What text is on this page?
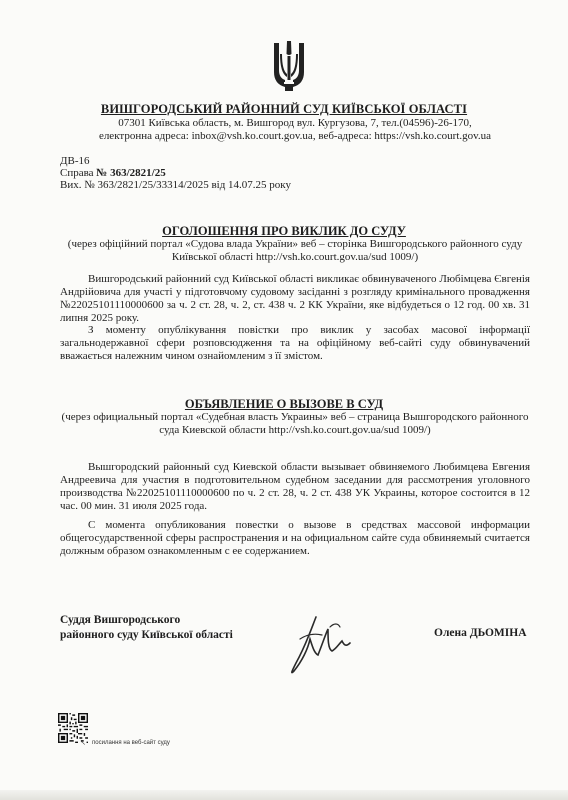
ВИШГОРОДСЬКИЙ РАЙОННИЙ СУД КИЇВСЬКОЇ ОБЛАСТІ
07301 Київська область, м. Вишгород вул. Кургузова, 7, тел.(04596)-26-170,
електронна адреса: inbox@vsh.ko.court.gov.ua, веб-адреса: https://vsh.ko.court.gov.ua
ДВ-16
Справа № 363/2821/25
Вих. № 363/2821/25/33314/2025 від 14.07.25 року
ОГОЛОШЕННЯ ПРО ВИКЛИК ДО СУДУ
(через офіційний портал «Судова влада України» веб – сторінка Вишгородського районного суду Київської області http://vsh.ko.court.gov.ua/sud 1009/)
Вишгородський районний суд Київської області викликає обвинуваченого Любімцева Євгенія Андрійовича для участі у підготовчому судовому засіданні з розгляду кримінального провадження №22025101110000600 за ч. 2 ст. 28, ч. 2, ст. 438 ч. 2 КК України, яке відбудеться о 12 год. 00 хв. 31 липня 2025 року.
З моменту опублікування повістки про виклик у засобах масової інформації загальнодержавної сфери розповсюдження та на офіційному веб-сайті суду обвинувачений вважається належним чином ознайомленим з її змістом.
ОБЪЯВЛЕНИЕ О ВЫЗОВЕ В СУД
(через официальный портал «Судебная власть Украины» веб – страница Вышгородского районного суда Киевской области http://vsh.ko.court.gov.ua/sud 1009/)
Вышгородский районный суд Киевской области вызывает обвиняемого Любимцева Евгения Андреевича для участия в подготовительном судебном заседании для рассмотрения уголовного производства №22025101110000600 по ч. 2 ст. 28, ч. 2 ст. 438 УК Украины, которое состоится в 12 час. 00 мин. 31 июля 2025 года.
С момента опубликования повестки о вызове в средствах массовой информации общегосударственной сферы распространения и на официальном сайте суда обвиняемый считается должным образом ознакомленным с ее содержанием.
Суддя Вишгородського
районного суду Київської області	Олена ДЬОМІНА
↖ посилання на веб-сайт суду
